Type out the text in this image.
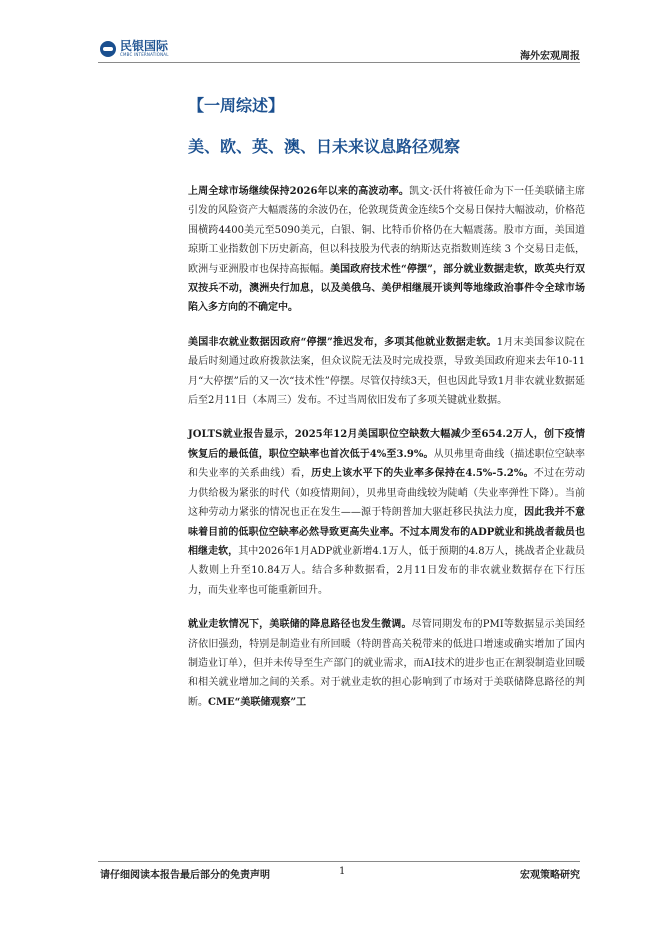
民银国际
CMBC INTERNATIONAL	海外宏观周报
【一周综述】
美、欧、英、澳、日未来议息路径观察

上周全球市场继续保持2026年以来的高波动率。凯文·沃什将被任命为下一任美联储主席引发的风险资产大幅震荡的余波仍在，伦敦现货黄金连续5个交易日保持大幅波动，价格范围横跨4400美元至5090美元，白银、铜、比特币价格仍在大幅震荡。股市方面，美国道琼斯工业指数创下历史新高，但以科技股为代表的纳斯达克指数则连续 3 个交易日走低，欧洲与亚洲股市也保持高振幅。美国政府技术性“停摆”，部分就业数据走软，欧英央行双双按兵不动，澳洲央行加息，以及美俄乌、美伊相继展开谈判等地缘政治事件令全球市场陷入多方向的不确定中。

美国非农就业数据因政府“停摆”推迟发布，多项其他就业数据走软。1月末美国参议院在最后时刻通过政府拨款法案，但众议院无法及时完成投票，导致美国政府迎来去年10-11月“大停摆”后的又一次“技术性”停摆。尽管仅持续3天，但也因此导致1月非农就业数据延后至2月11日（本周三）发布。不过当周依旧发布了多项关键就业数据。

JOLTS就业报告显示，2025年12月美国职位空缺数大幅减少至654.2万人，创下疫情恢复后的最低值，职位空缺率也首次低于4%至3.9%。从贝弗里奇曲线（描述职位空缺率和失业率的关系曲线）看，历史上该水平下的失业率多保持在4.5%-5.2%。不过在劳动力供给极为紧张的时代（如疫情期间），贝弗里奇曲线较为陡峭（失业率弹性下降）。当前这种劳动力紧张的情况也正在发生——源于特朗普加大驱赶移民执法力度，因此我并不意味着目前的低职位空缺率必然导致更高失业率。不过本周发布的ADP就业和挑战者裁员也相继走软，其中2026年1月ADP就业新增4.1万人，低于预期的4.8万人，挑战者企业裁员人数则上升至10.84万人。结合多种数据看，2月11日发布的非农就业数据存在下行压力，而失业率也可能重新回升。

就业走软情况下，美联储的降息路径也发生微调。尽管同期发布的PMI等数据显示美国经济依旧强劲，特别是制造业有所回暖（特朗普高关税带来的低进口增速或确实增加了国内制造业订单），但并未传导至生产部门的就业需求，而AI技术的进步也正在割裂制造业回暖和相关就业增加之间的关系。对于就业走软的担心影响到了市场对于美联储降息路径的判断。CME“美联储观察”工

请仔细阅读本报告最后部分的免责声明	1	宏观策略研究
